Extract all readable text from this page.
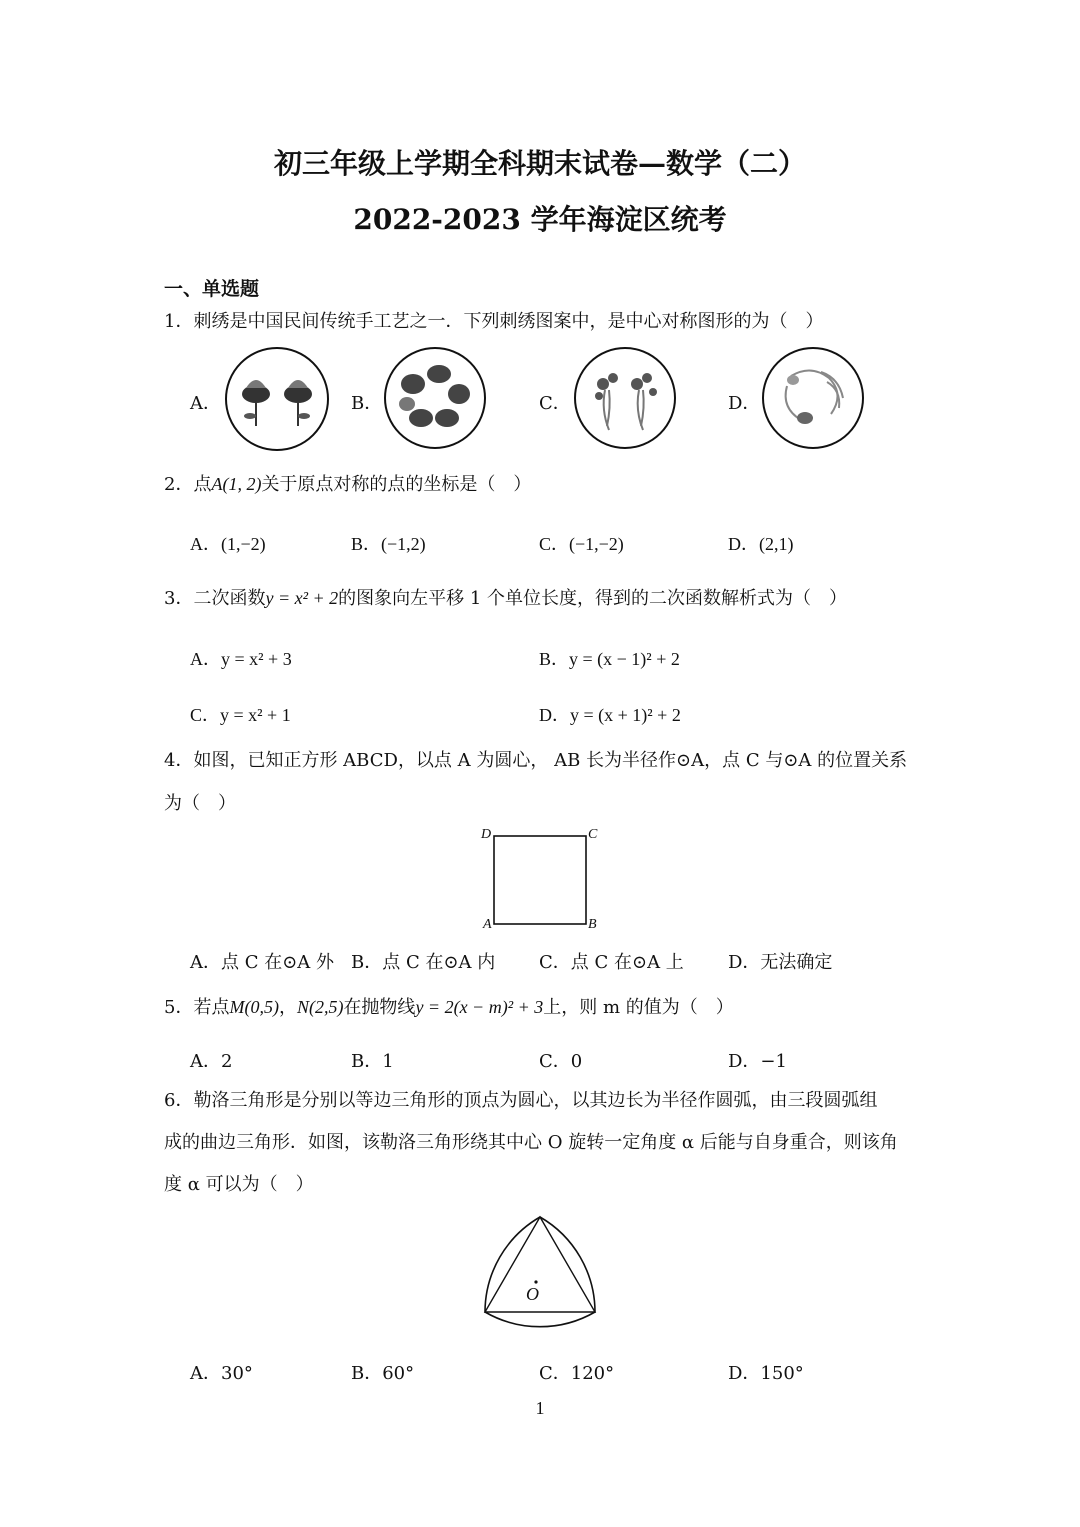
初三年级上学期全科期末试卷—数学（二）
2022-2023 学年海淀区统考
一、单选题
1．刺绣是中国民间传统手工艺之一．下列刺绣图案中，是中心对称图形的为（　）
A．	B．	C．	D．
2．点A(1, 2)关于原点对称的点的坐标是（　）
A．(1,−2)	B．(−1,2)	C．(−1,−2)	D．(2,1)
3．二次函数y = x² + 2的图象向左平移 1 个单位长度，得到的二次函数解析式为（　）
A．y = x² + 3	B．y = (x − 1)² + 2
C．y = x² + 1	D．y = (x + 1)² + 2
4．如图，已知正方形 ABCD，以点 A 为圆心， AB 长为半径作⊙A，点 C 与⊙A 的位置关系
为（　）
D	C
A	B
A．点 C 在⊙A 外 B．点 C 在⊙A 内 C．点 C 在⊙A 上 D．无法确定
5．若点M(0,5)，N(2,5)在抛物线y = 2(x − m)² + 3上，则 m 的值为（　）
A．2	B．1	C．0	D．−1
6．勒洛三角形是分别以等边三角形的顶点为圆心，以其边长为半径作圆弧，由三段圆弧组
成的曲边三角形．如图，该勒洛三角形绕其中心 O 旋转一定角度 α 后能与自身重合，则该角
度 α 可以为（　）
O
A．30°	B．60°	C．120°	D．150°
1
